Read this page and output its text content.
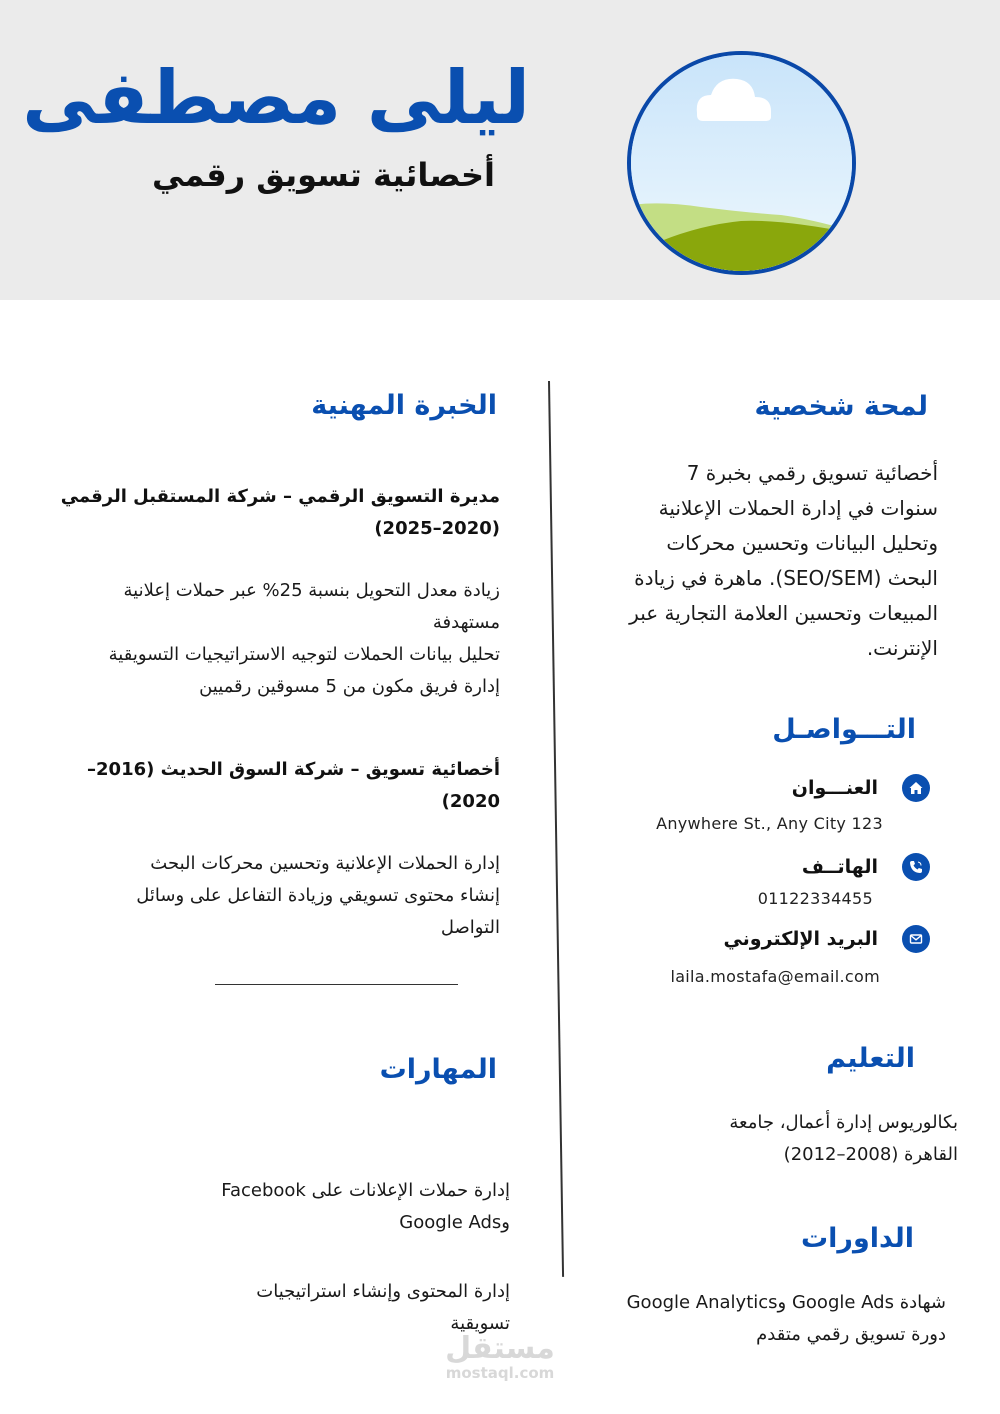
ليلى مصطفى
أخصائية تسويق رقمي
لمحة شخصية
أخصائية تسويق رقمي بخبرة 7
سنوات في إدارة الحملات الإعلانية
وتحليل البيانات وتحسين محركات
البحث (SEO/SEM). ماهرة في زيادة
المبيعات وتحسين العلامة التجارية عبر
الإنترنت.
التـــواصـل
العنـــوان
Anywhere St., Any City 123
الهاتــف
01122334455
البريد الإلكتروني
laila.mostafa@email.com
التعليم
بكالوريوس إدارة أعمال، جامعة
القاهرة (2008–2012)
الداورات
شهادة Google Ads وGoogle Analytics
دورة تسويق رقمي متقدم
الخبرة المهنية
مديرة التسويق الرقمي – شركة المستقبل الرقمي
(2020–2025)
زيادة معدل التحويل بنسبة 25% عبر حملات إعلانية
مستهدفة
تحليل بيانات الحملات لتوجيه الاستراتيجيات التسويقية
إدارة فريق مكون من 5 مسوقين رقميين
أخصائية تسويق – شركة السوق الحديث (2016–
2020)
إدارة الحملات الإعلانية وتحسين محركات البحث
إنشاء محتوى تسويقي وزيادة التفاعل على وسائل
التواصل
المهارات
إدارة حملات الإعلانات على Facebook
وGoogle Ads
إدارة المحتوى وإنشاء استراتيجيات
تسويقية
مستقل
mostaql.com
